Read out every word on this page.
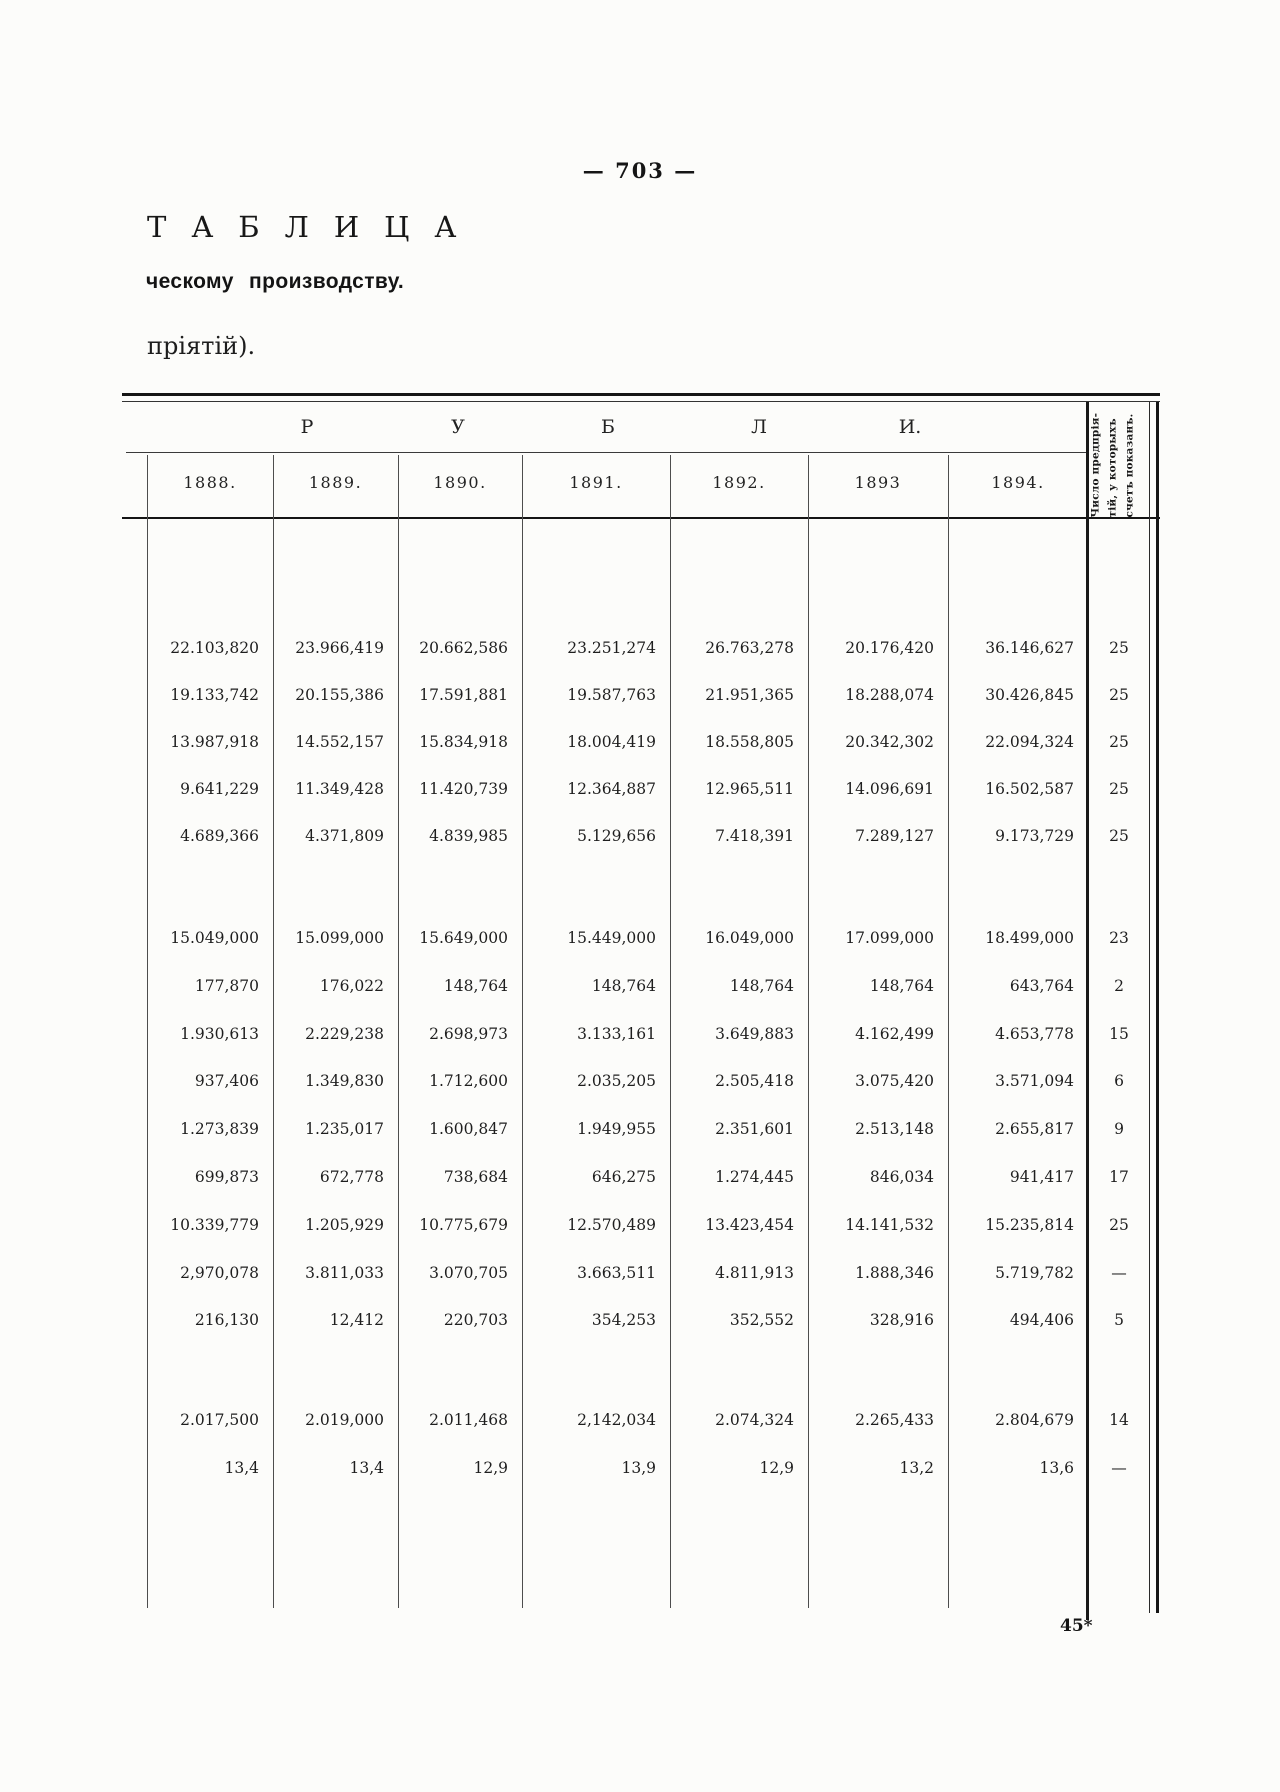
— 703 —
ТАБЛИЦА
ческому производству.
пріятій).
Число предпрія- тій, у которыхъ счетъ показанъ.
45*
Р	У	Б	Л	И.
1888.	1889.	1890.	1891.	1892.	1893	1894.
22.103,820	23.966,419	20.662,586	23.251,274	26.763,278	20.176,420	36.146,627	25
19.133,742	20.155,386	17.591,881	19.587,763	21.951,365	18.288,074	30.426,845	25
13.987,918	14.552,157	15.834,918	18.004,419	18.558,805	20.342,302	22.094,324	25
9.641,229	11.349,428	11.420,739	12.364,887	12.965,511	14.096,691	16.502,587	25
4.689,366	4.371,809	4.839,985	5.129,656	7.418,391	7.289,127	9.173,729	25
15.049,000	15.099,000	15.649,000	15.449,000	16.049,000	17.099,000	18.499,000	23
177,870	176,022	148,764	148,764	148,764	148,764	643,764	2
1.930,613	2.229,238	2.698,973	3.133,161	3.649,883	4.162,499	4.653,778	15
937,406	1.349,830	1.712,600	2.035,205	2.505,418	3.075,420	3.571,094	6
1.273,839	1.235,017	1.600,847	1.949,955	2.351,601	2.513,148	2.655,817	9
699,873	672,778	738,684	646,275	1.274,445	846,034	941,417	17
10.339,779	1.205,929	10.775,679	12.570,489	13.423,454	14.141,532	15.235,814	25
2,970,078	3.811,033	3.070,705	3.663,511	4.811,913	1.888,346	5.719,782	—
216,130	12,412	220,703	354,253	352,552	328,916	494,406	5
2.017,500	2.019,000	2.011,468	2,142,034	2.074,324	2.265,433	2.804,679	14
13,4	13,4	12,9	13,9	12,9	13,2	13,6	—
